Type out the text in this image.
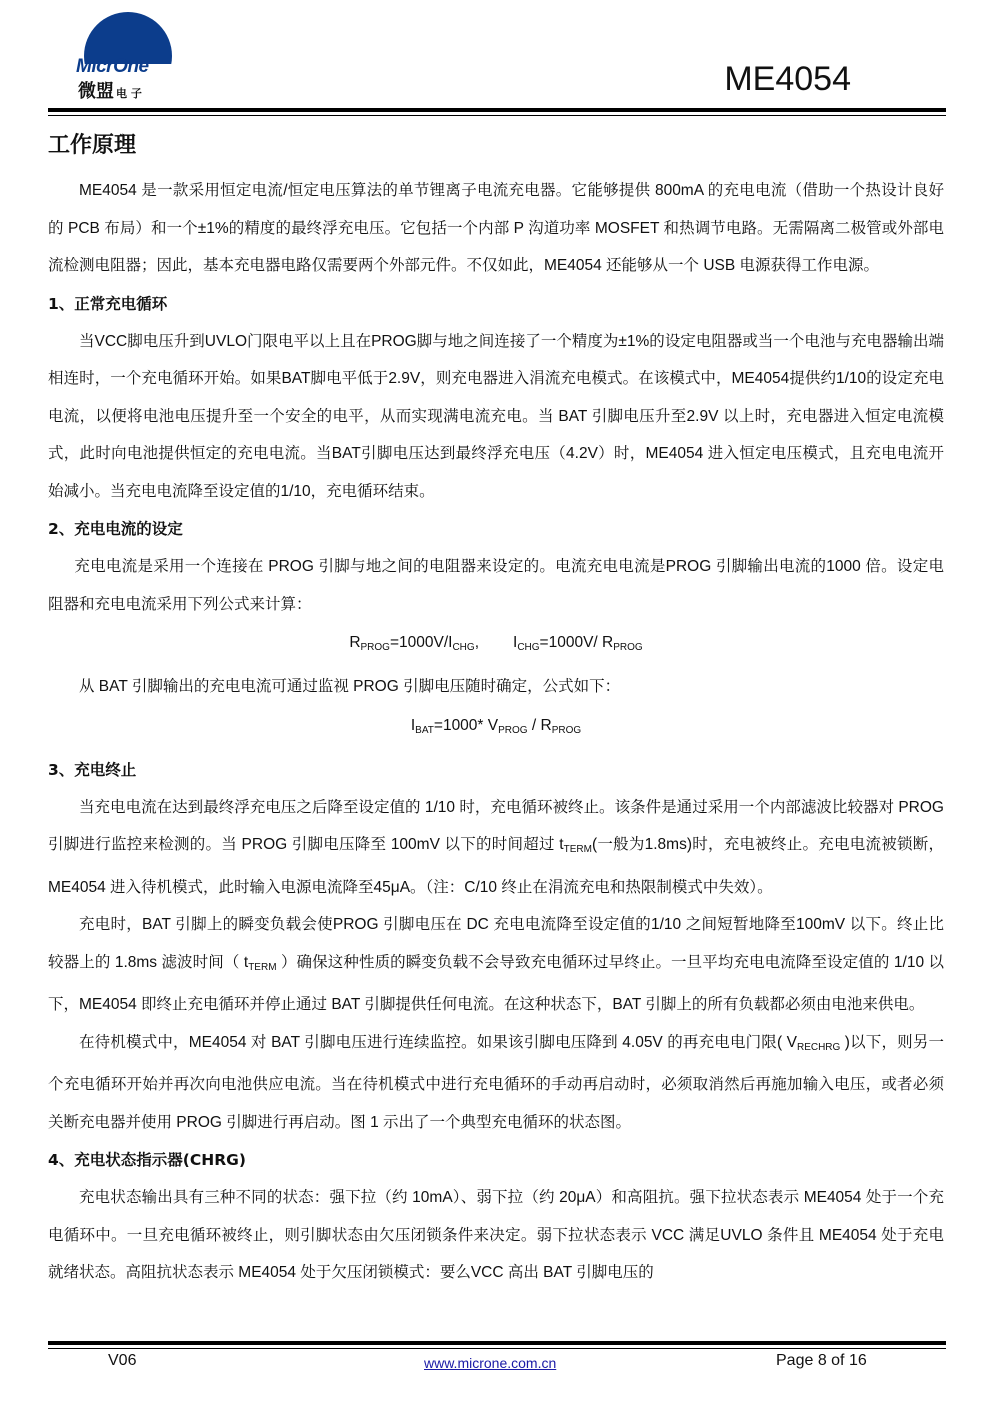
MicrOne
微盟 电 子	ME4054
工作原理

ME4054 是一款采用恒定电流/恒定电压算法的单节锂离子电流充电器。它能够提供 800mA 的充电电流（借助一个热设计良好的 PCB 布局）和一个±1%的精度的最终浮充电压。它包括一个内部 P 沟道功率 MOSFET 和热调节电路。无需隔离二极管或外部电流检测电阻器；因此，基本充电器电路仅需要两个外部元件。不仅如此，ME4054 还能够从一个 USB 电源获得工作电源。

1、正常充电循环

当VCC脚电压升到UVLO门限电平以上且在PROG脚与地之间连接了一个精度为±1%的设定电阻器或当一个电池与充电器输出端相连时，一个充电循环开始。如果BAT脚电平低于2.9V，则充电器进入涓流充电模式。在该模式中，ME4054提供约1/10的设定充电电流，以便将电池电压提升至一个安全的电平，从而实现满电流充电。当 BAT 引脚电压升至2.9V 以上时，充电器进入恒定电流模式，此时向电池提供恒定的充电电流。当BAT引脚电压达到最终浮充电压（4.2V）时，ME4054 进入恒定电压模式，且充电电流开始减小。当充电电流降至设定值的1/10，充电循环结束。

2、充电电流的设定

充电电流是采用一个连接在 PROG 引脚与地之间的电阻器来设定的。电流充电电流是PROG 引脚输出电流的1000 倍。设定电阻器和充电电流采用下列公式来计算：

$R_{PROG}=1000V/I_{CHG}$, $I_{CHG}=1000V/$ $R_{PROG}$

从 BAT 引脚输出的充电电流可通过监视 PROG 引脚电压随时确定，公式如下：

$I_{BAT}=1000*$ $V_{PROG} / R_{PROG}$
3、充电终止

当充电电流在达到最终浮充电压之后降至设定值的 1/10 时，充电循环被终止。该条件是通过采用一个内部滤波比较器对 PROG引脚进行监控来检测的。当 PROG 引脚电压降至 100mV 以下的时间超过 $t_{TERM}$(一般为1.8ms)时，充电被终止。充电电流被锁断，ME4054 进入待机模式，此时输入电源电流降至45μA。（注：C/10 终止在涓流充电和热限制模式中失效）。

充电时，BAT 引脚上的瞬变负载会使PROG 引脚电压在 DC 充电电流降至设定值的1/10 之间短暂地降至100mV 以下。终止比较器上的 1.8ms 滤波时间（ $t_{TERM}$ ）确保这种性质的瞬变负载不会导致充电循环过早终止。一旦平均充电电流降至设定值的 1/10 以下，ME4054 即终止充电循环并停止通过 BAT 引脚提供任何电流。在这种状态下，BAT 引脚上的所有负载都必须由电池来供电。

在待机模式中，ME4054 对 BAT 引脚电压进行连续监控。如果该引脚电压降到 4.05V 的再充电电门限( $V_{RECHRG}$ )以下，则另一个充电循环开始并再次向电池供应电流。当在待机模式中进行充电循环的手动再启动时，必须取消然后再施加输入电压，或者必须关断充电器并使用 PROG 引脚进行再启动。图 1 示出了一个典型充电循环的状态图。

4、充电状态指示器(CHRG)

充电状态输出具有三种不同的状态：强下拉（约 10mA）、弱下拉（约 20μA）和高阻抗。强下拉状态表示 ME4054 处于一个充电循环中。一旦充电循环被终止，则引脚状态由欠压闭锁条件来决定。弱下拉状态表示 VCC 满足UVLO 条件且 ME4054 处于充电就绪状态。高阻抗状态表示 ME4054 处于欠压闭锁模式：要么VCC 高出 BAT 引脚电压的

V06	www.microne.com.cn	Page 8 of 16
